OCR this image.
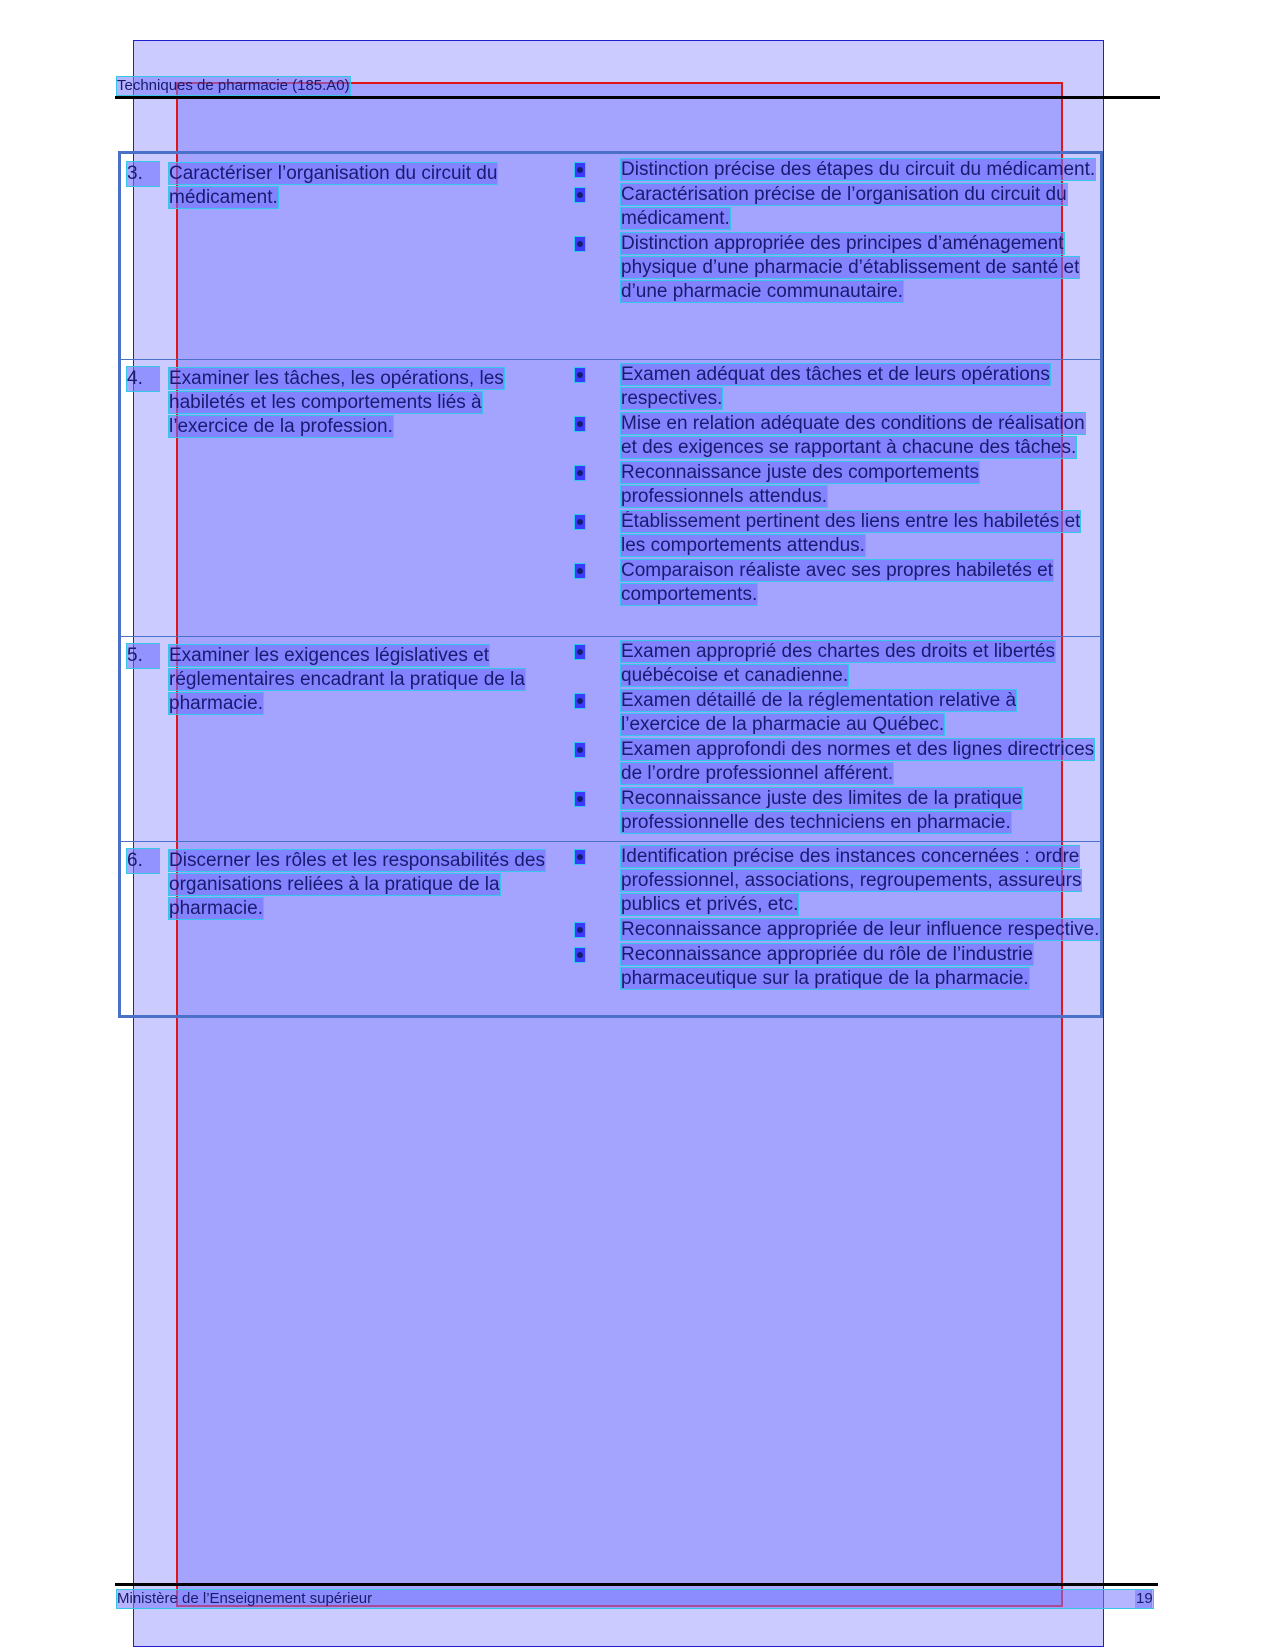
Techniques de pharmacie (185.A0)
3.	Caractériser l’organisation du circuit du médicament.
Distinction précise des étapes du circuit du médicament.
Caractérisation précise de l’organisation du circuit du médicament.
Distinction appropriée des principes d’aménagement physique d’une pharmacie d’établissement de santé et d’une pharmacie communautaire.
4.	Examiner les tâches, les opérations, les habiletés et les comportements liés à l’exercice de la profession.
Examen adéquat des tâches et de leurs opérations respectives.
Mise en relation adéquate des conditions de réalisation et des exigences se rapportant à chacune des tâches.
Reconnaissance juste des comportements professionnels attendus.
Établissement pertinent des liens entre les habiletés et les comportements attendus.
Comparaison réaliste avec ses propres habiletés et comportements.
5.	Examiner les exigences législatives et réglementaires encadrant la pratique de la pharmacie.
Examen approprié des chartes des droits et libertés québécoise et canadienne.
Examen détaillé de la réglementation relative à l’exercice de la pharmacie au Québec.
Examen approfondi des normes et des lignes directrices de l’ordre professionnel afférent.
Reconnaissance juste des limites de la pratique professionnelle des techniciens en pharmacie.
6.	Discerner les rôles et les responsabilités des organisations reliées à la pratique de la pharmacie.
Identification précise des instances concernées : ordre professionnel, associations, regroupements, assureurs publics et privés, etc.
Reconnaissance appropriée de leur influence respective.
Reconnaissance appropriée du rôle de l’industrie pharmaceutique sur la pratique de la pharmacie.
Ministère de l’Enseignement supérieur	19
